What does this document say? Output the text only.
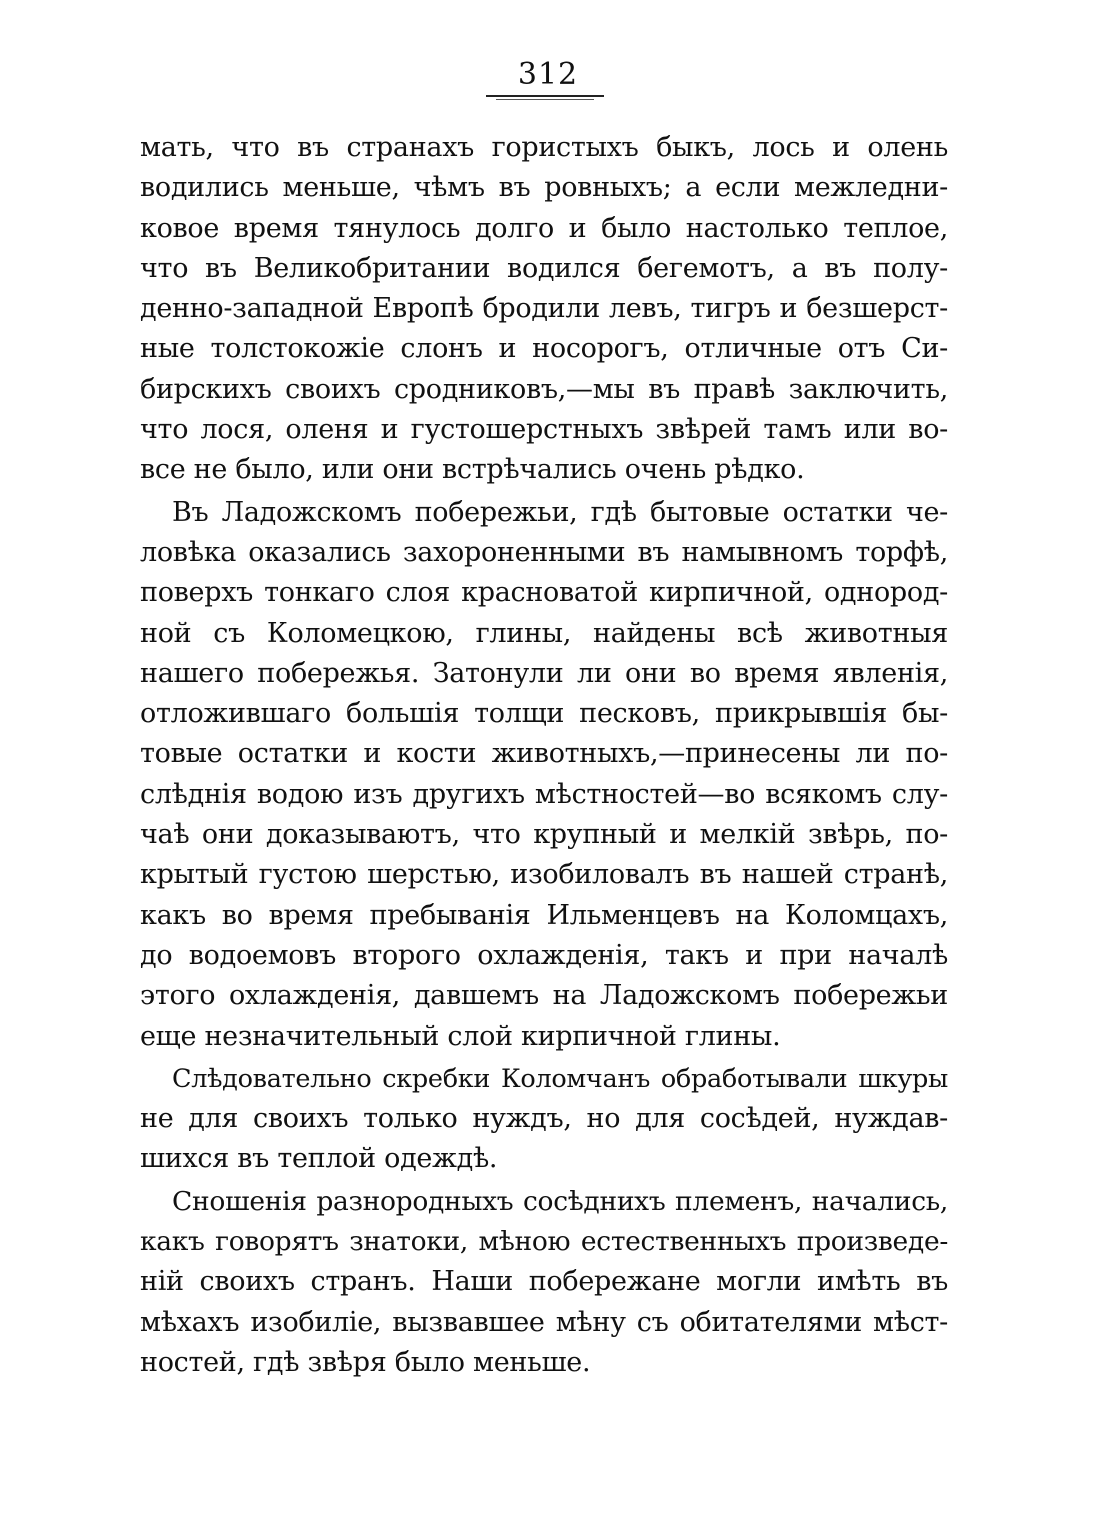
312
мать, что въ странахъ гористыхъ быкъ, лось и олень
водились меньше, чѣмъ въ ровныхъ; а если межледни-
ковое время тянулось долго и было настолько теплое,
что въ Великобритании водился бегемотъ, а въ полу-
денно-западной Европѣ бродили левъ, тигръ и безшерст-
ные толстокожіе слонъ и носорогъ, отличные отъ Си-
бирскихъ своихъ сродниковъ,—мы въ правѣ заключить,
что лося, оленя и густошерстныхъ звѣрей тамъ или во-
все не было, или они встрѣчались очень рѣдко.
Въ Ладожскомъ побережьи, гдѣ бытовые остатки че-
ловѣка оказались захороненными въ намывномъ торфѣ,
поверхъ тонкаго слоя красноватой кирпичной, однород-
ной съ Коломецкою, глины, найдены всѣ животныя
нашего побережья. Затонули ли они во время явленія,
отложившаго большія толщи песковъ, прикрывшія бы-
товые остатки и кости животныхъ,—принесены ли по-
слѣднія водою изъ другихъ мѣстностей—во всякомъ слу-
чаѣ они доказываютъ, что крупный и мелкій звѣрь, по-
крытый густою шерстью, изобиловалъ въ нашей странѣ,
какъ во время пребыванія Ильменцевъ на Коломцахъ,
до водоемовъ второго охлажденія, такъ и при началѣ
этого охлажденія, давшемъ на Ладожскомъ побережьи
еще незначительный слой кирпичной глины.
Слѣдовательно скребки Коломчанъ обработывали шкуры
не для своихъ только нуждъ, но для сосѣдей, нуждав-
шихся въ теплой одеждѣ.
Сношенія разнородныхъ сосѣднихъ племенъ, начались,
какъ говорятъ знатоки, мѣною естественныхъ произведе-
ній своихъ странъ. Наши побережане могли имѣть въ
мѣхахъ изобиліе, вызвавшее мѣну съ обитателями мѣст-
ностей, гдѣ звѣря было меньше.
